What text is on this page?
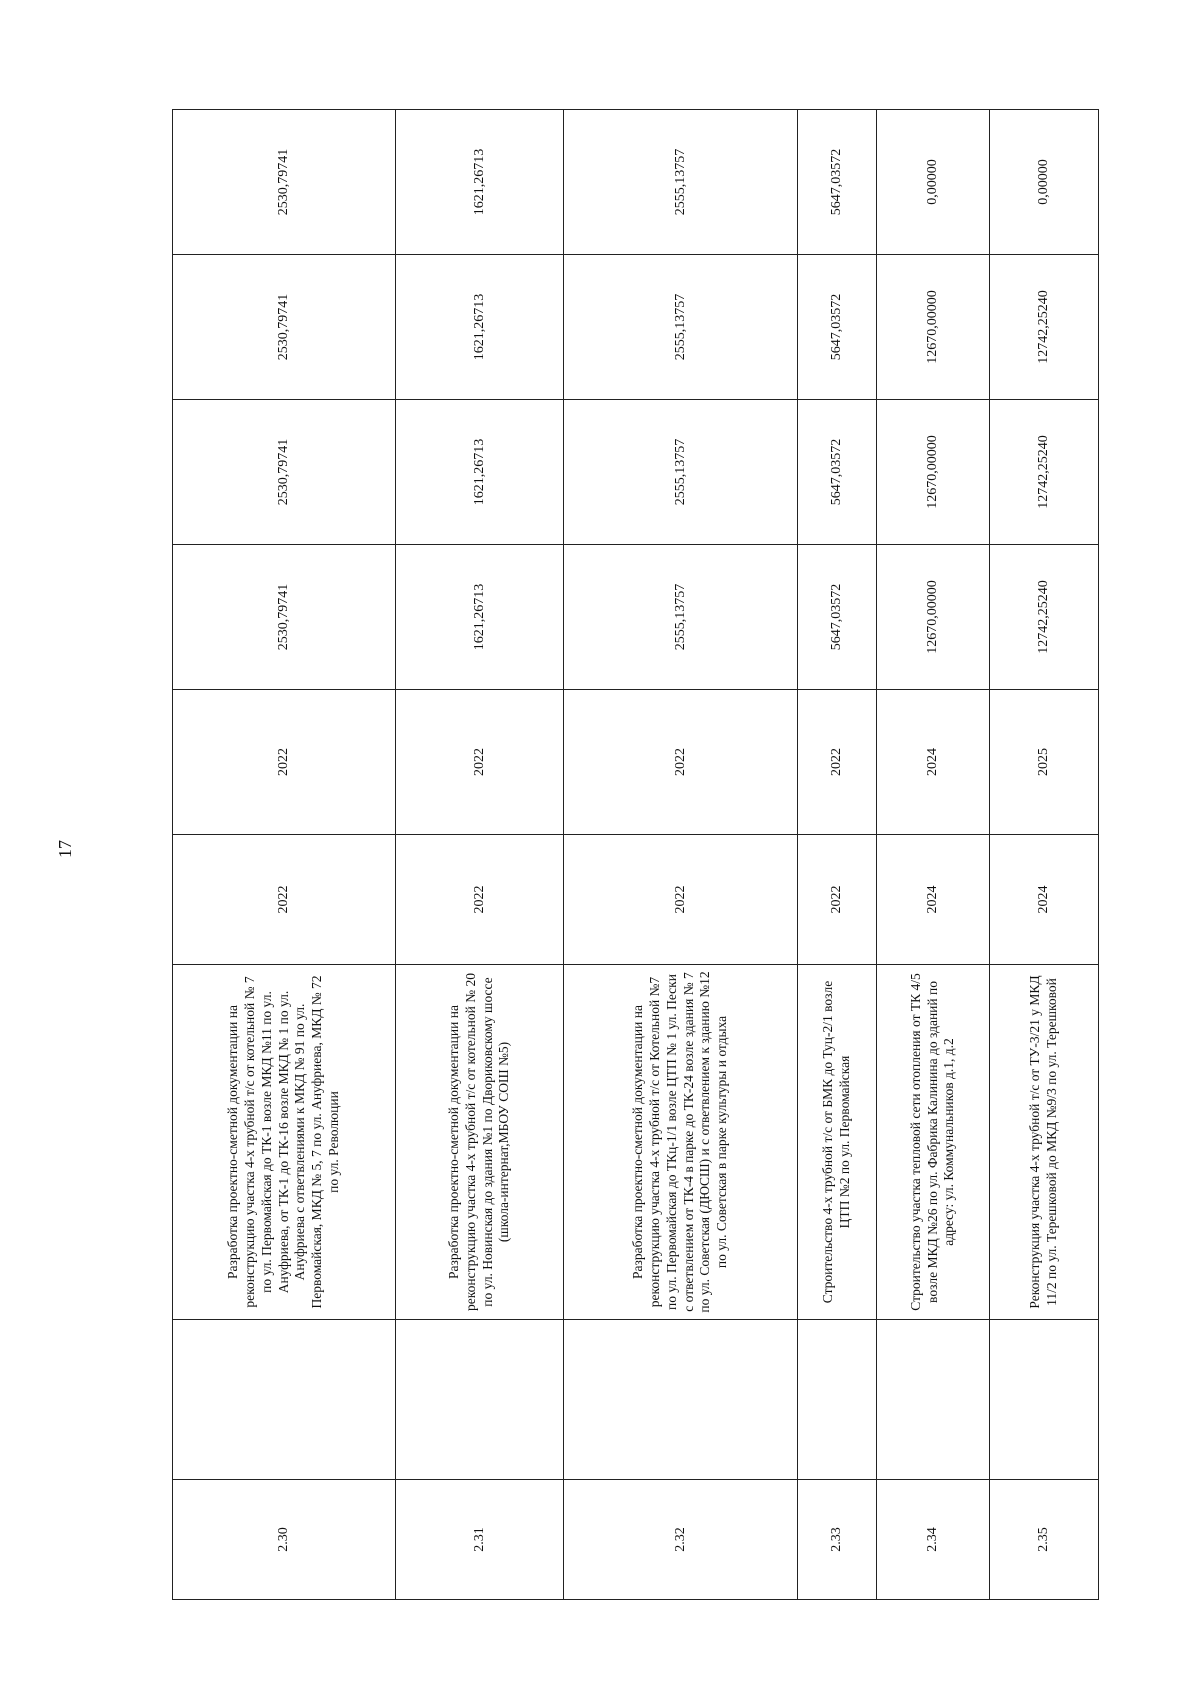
17
2.30		Разработка проектно-сметной документации на реконструкцию участка 4-х трубной т/с от котельной № 7 по ул. Первомайская до ТК-1 возле МКД №11 по ул. Ануфриева, от ТК-1 до ТК-16 возле МКД № 1 по ул. Ануфриева с ответвлениями к МКД № 91 по ул. Первомайская, МКД № 5, 7 по ул. Ануфриева, МКД № 72 по ул. Революции	2022	2022	2530,79741	2530,79741	2530,79741	2530,79741
2.31		Разработка проектно-сметной документации на реконструкцию участка 4-х трубной т/с от котельной № 20 по ул. Новинская до здания №1 по Двориковскому шоссе (школа-интернат,МБОУ СОШ №5)	2022	2022	1621,26713	1621,26713	1621,26713	1621,26713
2.32		Разработка проектно-сметной документации на реконструкцию участка 4-х трубной т/с от Котельной №7 по ул. Первомайская до ТКц-1/1 возле ЦТП № 1 ул. Пески с ответвлением от ТК-4 в парке до ТК-24 возле здания № 7 по ул. Советская (ДЮСШ) и с ответвлением к зданию №12 по ул. Советская в парке культуры и отдыха	2022	2022	2555,13757	2555,13757	2555,13757	2555,13757
2.33		Строительство 4-х трубной т/с от БМК до Туц-2/1 возле ЦТП №2 по ул. Первомайская	2022	2022	5647,03572	5647,03572	5647,03572	5647,03572
2.34		Строительство участка тепловой сети отопления от ТК 4/5 возле МКД №26 по ул. Фабрика Калинина до зданий по адресу: ул. Коммунальников д.1, д.2	2024	2024	12670,00000	12670,00000	12670,00000	0,00000
2.35		Реконструкция участка 4-х трубной т/с от ТУ-3/21 у МКД 11/2 по ул. Терешковой до МКД №9/3 по ул. Терешковой	2024	2025	12742,25240	12742,25240	12742,25240	0,00000
